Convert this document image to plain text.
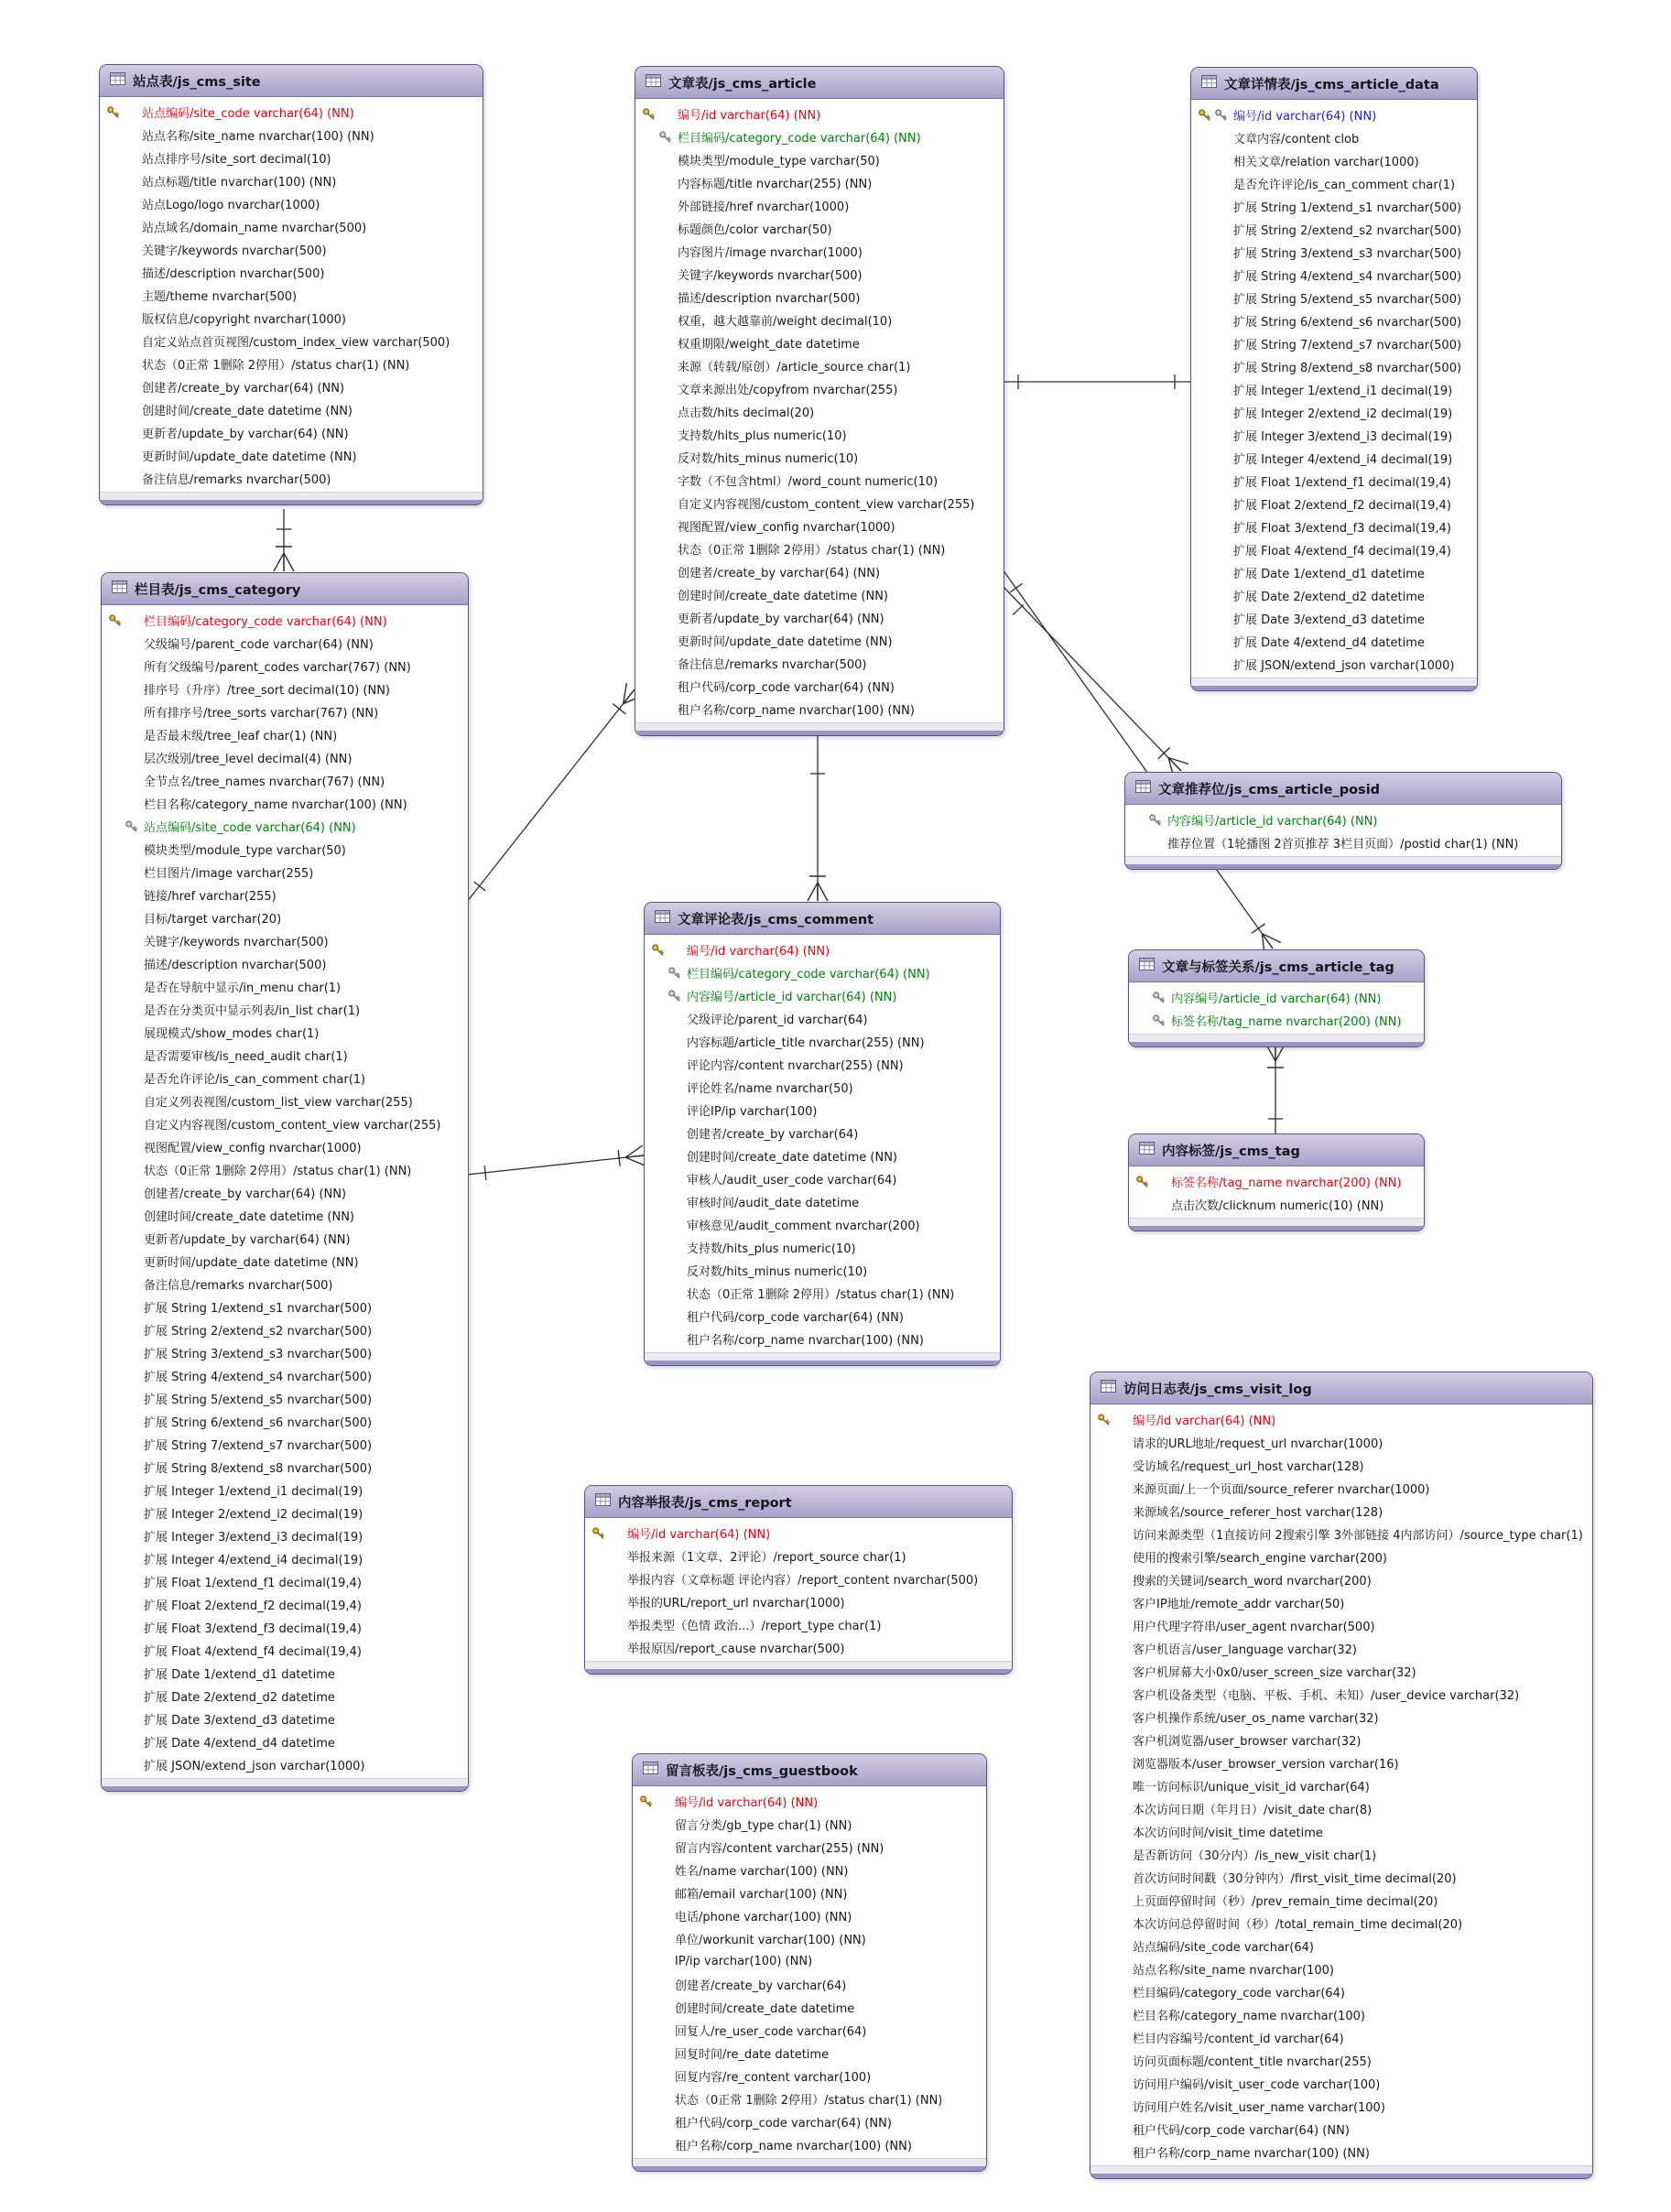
站点表/js_cms_site
站点编码/site_code varchar(64) (NN)
站点名称/site_name nvarchar(100) (NN)
站点排序号/site_sort decimal(10)
站点标题/title nvarchar(100) (NN)
站点Logo/logo nvarchar(1000)
站点域名/domain_name nvarchar(500)
关键字/keywords nvarchar(500)
描述/description nvarchar(500)
主题/theme nvarchar(500)
版权信息/copyright nvarchar(1000)
自定义站点首页视图/custom_index_view varchar(500)
状态（0正常 1删除 2停用）/status char(1) (NN)
创建者/create_by varchar(64) (NN)
创建时间/create_date datetime (NN)
更新者/update_by varchar(64) (NN)
更新时间/update_date datetime (NN)
备注信息/remarks nvarchar(500)
栏目表/js_cms_category
栏目编码/category_code varchar(64) (NN)
父级编号/parent_code varchar(64) (NN)
所有父级编号/parent_codes varchar(767) (NN)
排序号（升序）/tree_sort decimal(10) (NN)
所有排序号/tree_sorts varchar(767) (NN)
是否最末级/tree_leaf char(1) (NN)
层次级别/tree_level decimal(4) (NN)
全节点名/tree_names nvarchar(767) (NN)
栏目名称/category_name nvarchar(100) (NN)
站点编码/site_code varchar(64) (NN)
模块类型/module_type varchar(50)
栏目图片/image varchar(255)
链接/href varchar(255)
目标/target varchar(20)
关键字/keywords nvarchar(500)
描述/description nvarchar(500)
是否在导航中显示/in_menu char(1)
是否在分类页中显示列表/in_list char(1)
展现模式/show_modes char(1)
是否需要审核/is_need_audit char(1)
是否允许评论/is_can_comment char(1)
自定义列表视图/custom_list_view varchar(255)
自定义内容视图/custom_content_view varchar(255)
视图配置/view_config nvarchar(1000)
状态（0正常 1删除 2停用）/status char(1) (NN)
创建者/create_by varchar(64) (NN)
创建时间/create_date datetime (NN)
更新者/update_by varchar(64) (NN)
更新时间/update_date datetime (NN)
备注信息/remarks nvarchar(500)
扩展 String 1/extend_s1 nvarchar(500)
扩展 String 2/extend_s2 nvarchar(500)
扩展 String 3/extend_s3 nvarchar(500)
扩展 String 4/extend_s4 nvarchar(500)
扩展 String 5/extend_s5 nvarchar(500)
扩展 String 6/extend_s6 nvarchar(500)
扩展 String 7/extend_s7 nvarchar(500)
扩展 String 8/extend_s8 nvarchar(500)
扩展 Integer 1/extend_i1 decimal(19)
扩展 Integer 2/extend_i2 decimal(19)
扩展 Integer 3/extend_i3 decimal(19)
扩展 Integer 4/extend_i4 decimal(19)
扩展 Float 1/extend_f1 decimal(19,4)
扩展 Float 2/extend_f2 decimal(19,4)
扩展 Float 3/extend_f3 decimal(19,4)
扩展 Float 4/extend_f4 decimal(19,4)
扩展 Date 1/extend_d1 datetime
扩展 Date 2/extend_d2 datetime
扩展 Date 3/extend_d3 datetime
扩展 Date 4/extend_d4 datetime
扩展 JSON/extend_json varchar(1000)
文章表/js_cms_article
编号/id varchar(64) (NN)
栏目编码/category_code varchar(64) (NN)
模块类型/module_type varchar(50)
内容标题/title nvarchar(255) (NN)
外部链接/href nvarchar(1000)
标题颜色/color varchar(50)
内容图片/image nvarchar(1000)
关键字/keywords nvarchar(500)
描述/description nvarchar(500)
权重，越大越靠前/weight decimal(10)
权重期限/weight_date datetime
来源（转载/原创）/article_source char(1)
文章来源出处/copyfrom nvarchar(255)
点击数/hits decimal(20)
支持数/hits_plus numeric(10)
反对数/hits_minus numeric(10)
字数（不包含html）/word_count numeric(10)
自定义内容视图/custom_content_view varchar(255)
视图配置/view_config nvarchar(1000)
状态（0正常 1删除 2停用）/status char(1) (NN)
创建者/create_by varchar(64) (NN)
创建时间/create_date datetime (NN)
更新者/update_by varchar(64) (NN)
更新时间/update_date datetime (NN)
备注信息/remarks nvarchar(500)
租户代码/corp_code varchar(64) (NN)
租户名称/corp_name nvarchar(100) (NN)
文章详情表/js_cms_article_data
编号/id varchar(64) (NN)
文章内容/content clob
相关文章/relation varchar(1000)
是否允许评论/is_can_comment char(1)
扩展 String 1/extend_s1 nvarchar(500)
扩展 String 2/extend_s2 nvarchar(500)
扩展 String 3/extend_s3 nvarchar(500)
扩展 String 4/extend_s4 nvarchar(500)
扩展 String 5/extend_s5 nvarchar(500)
扩展 String 6/extend_s6 nvarchar(500)
扩展 String 7/extend_s7 nvarchar(500)
扩展 String 8/extend_s8 nvarchar(500)
扩展 Integer 1/extend_i1 decimal(19)
扩展 Integer 2/extend_i2 decimal(19)
扩展 Integer 3/extend_i3 decimal(19)
扩展 Integer 4/extend_i4 decimal(19)
扩展 Float 1/extend_f1 decimal(19,4)
扩展 Float 2/extend_f2 decimal(19,4)
扩展 Float 3/extend_f3 decimal(19,4)
扩展 Float 4/extend_f4 decimal(19,4)
扩展 Date 1/extend_d1 datetime
扩展 Date 2/extend_d2 datetime
扩展 Date 3/extend_d3 datetime
扩展 Date 4/extend_d4 datetime
扩展 JSON/extend_json varchar(1000)
文章推荐位/js_cms_article_posid
内容编号/article_id varchar(64) (NN)
推荐位置（1轮播图 2首页推荐 3栏目页面）/postid char(1) (NN)
文章与标签关系/js_cms_article_tag
内容编号/article_id varchar(64) (NN)
标签名称/tag_name nvarchar(200) (NN)
内容标签/js_cms_tag
标签名称/tag_name nvarchar(200) (NN)
点击次数/clicknum numeric(10) (NN)
文章评论表/js_cms_comment
编号/id varchar(64) (NN)
栏目编码/category_code varchar(64) (NN)
内容编号/article_id varchar(64) (NN)
父级评论/parent_id varchar(64)
内容标题/article_title nvarchar(255) (NN)
评论内容/content nvarchar(255) (NN)
评论姓名/name nvarchar(50)
评论IP/ip varchar(100)
创建者/create_by varchar(64)
创建时间/create_date datetime (NN)
审核人/audit_user_code varchar(64)
审核时间/audit_date datetime
审核意见/audit_comment nvarchar(200)
支持数/hits_plus numeric(10)
反对数/hits_minus numeric(10)
状态（0正常 1删除 2停用）/status char(1) (NN)
租户代码/corp_code varchar(64) (NN)
租户名称/corp_name nvarchar(100) (NN)
内容举报表/js_cms_report
编号/id varchar(64) (NN)
举报来源（1文章、2评论）/report_source char(1)
举报内容（文章标题 评论内容）/report_content nvarchar(500)
举报的URL/report_url nvarchar(1000)
举报类型（色情 政治...）/report_type char(1)
举报原因/report_cause nvarchar(500)
留言板表/js_cms_guestbook
编号/id varchar(64) (NN)
留言分类/gb_type char(1) (NN)
留言内容/content varchar(255) (NN)
姓名/name varchar(100) (NN)
邮箱/email varchar(100) (NN)
电话/phone varchar(100) (NN)
单位/workunit varchar(100) (NN)
IP/ip varchar(100) (NN)
创建者/create_by varchar(64)
创建时间/create_date datetime
回复人/re_user_code varchar(64)
回复时间/re_date datetime
回复内容/re_content varchar(100)
状态（0正常 1删除 2停用）/status char(1) (NN)
租户代码/corp_code varchar(64) (NN)
租户名称/corp_name nvarchar(100) (NN)
访问日志表/js_cms_visit_log
编号/id varchar(64) (NN)
请求的URL地址/request_url nvarchar(1000)
受访域名/request_url_host varchar(128)
来源页面/上一个页面/source_referer nvarchar(1000)
来源域名/source_referer_host varchar(128)
访问来源类型（1直接访问 2搜索引擎 3外部链接 4内部访问）/source_type char(1)
使用的搜索引擎/search_engine varchar(200)
搜索的关键词/search_word nvarchar(200)
客户IP地址/remote_addr varchar(50)
用户代理字符串/user_agent nvarchar(500)
客户机语言/user_language varchar(32)
客户机屏幕大小0x0/user_screen_size varchar(32)
客户机设备类型（电脑、平板、手机、未知）/user_device varchar(32)
客户机操作系统/user_os_name varchar(32)
客户机浏览器/user_browser varchar(32)
浏览器版本/user_browser_version varchar(16)
唯一访问标识/unique_visit_id varchar(64)
本次访问日期（年月日）/visit_date char(8)
本次访问时间/visit_time datetime
是否新访问（30分内）/is_new_visit char(1)
首次访问时间戳（30分钟内）/first_visit_time decimal(20)
上页面停留时间（秒）/prev_remain_time decimal(20)
本次访问总停留时间（秒）/total_remain_time decimal(20)
站点编码/site_code varchar(64)
站点名称/site_name nvarchar(100)
栏目编码/category_code varchar(64)
栏目名称/category_name nvarchar(100)
栏目内容编号/content_id varchar(64)
访问页面标题/content_title nvarchar(255)
访问用户编码/visit_user_code varchar(100)
访问用户姓名/visit_user_name varchar(100)
租户代码/corp_code varchar(64) (NN)
租户名称/corp_name nvarchar(100) (NN)
